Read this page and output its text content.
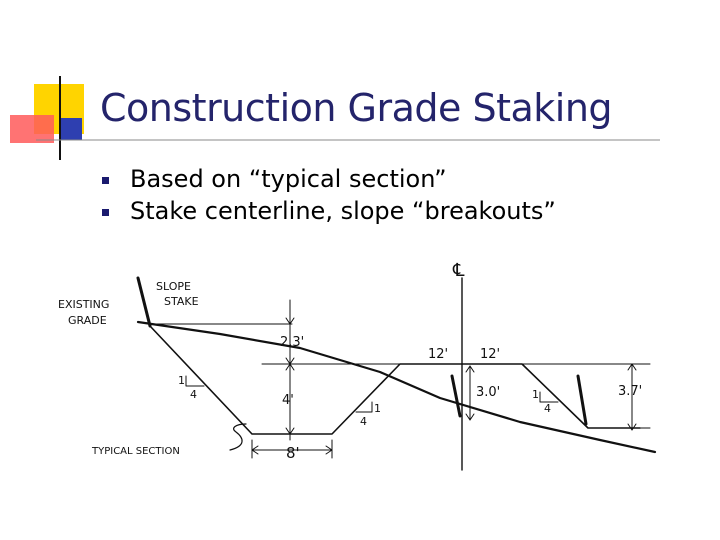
Construction Grade Staking
Based on “typical section”
Stake centerline, slope “breakouts”
SLOPE
STAKE
EXISTING
GRADE
TYPICAL SECTION
℄
2.3'
4'
8'
12' 12'
3.0'	3.7'
1
4
1
4
1
4
